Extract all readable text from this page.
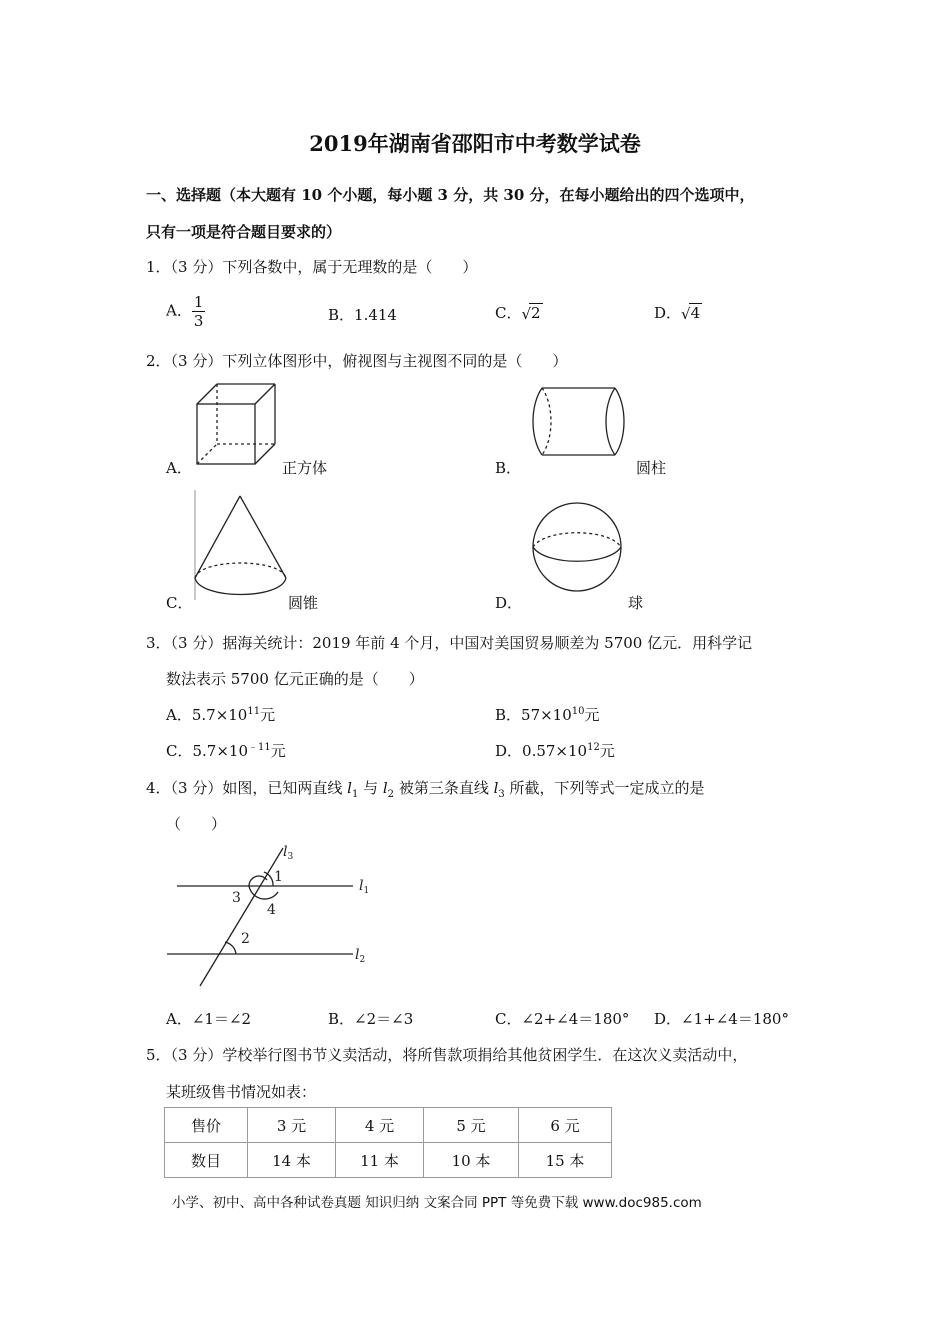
2019年湖南省邵阳市中考数学试卷
一、选择题（本大题有 10 个小题，每小题 3 分，共 30 分，在每小题给出的四个选项中，
只有一项是符合题目要求的）
1．（3 分）下列各数中，属于无理数的是（　　）
A． $\frac{1}{3}$	B．1.414	C．√2	D．√4
2．（3 分）下列立体图形中，俯视图与主视图不同的是（　　）
A．	正方体	B．	圆柱
C．	圆锥	D．	球
3．（3 分）据海关统计：2019 年前 4 个月，中国对美国贸易顺差为 5700 亿元．用科学记
数法表示 5700 亿元正确的是（　　）
A．$5.7\times 10^{11}$元	B．$57\times 10^{10}$元
C．$5.7\times 10^{﹣11}$元	D．$0.57\times 10^{12}$元
4．（3 分）如图，已知两直线 $l_1$ 与 $l_2$ 被第三条直线 $l_3$ 所截，下列等式一定成立的是
（　　）
$l_3$
$l_1$
$l_2$
1
3
4
2
A．∠1＝∠2	B．∠2＝∠3	C．∠2+∠4＝180° D．∠1+∠4＝180°
5．（3 分）学校举行图书节义卖活动，将所售款项捐给其他贫困学生．在这次义卖活动中，
某班级售书情况如表：
售价	3 元	4 元	5 元	6 元
数目	14 本	11 本	10 本	15 本
小学、初中、高中各种试卷真题 知识归纳 文案合同 PPT 等免费下载 www.doc985.com
